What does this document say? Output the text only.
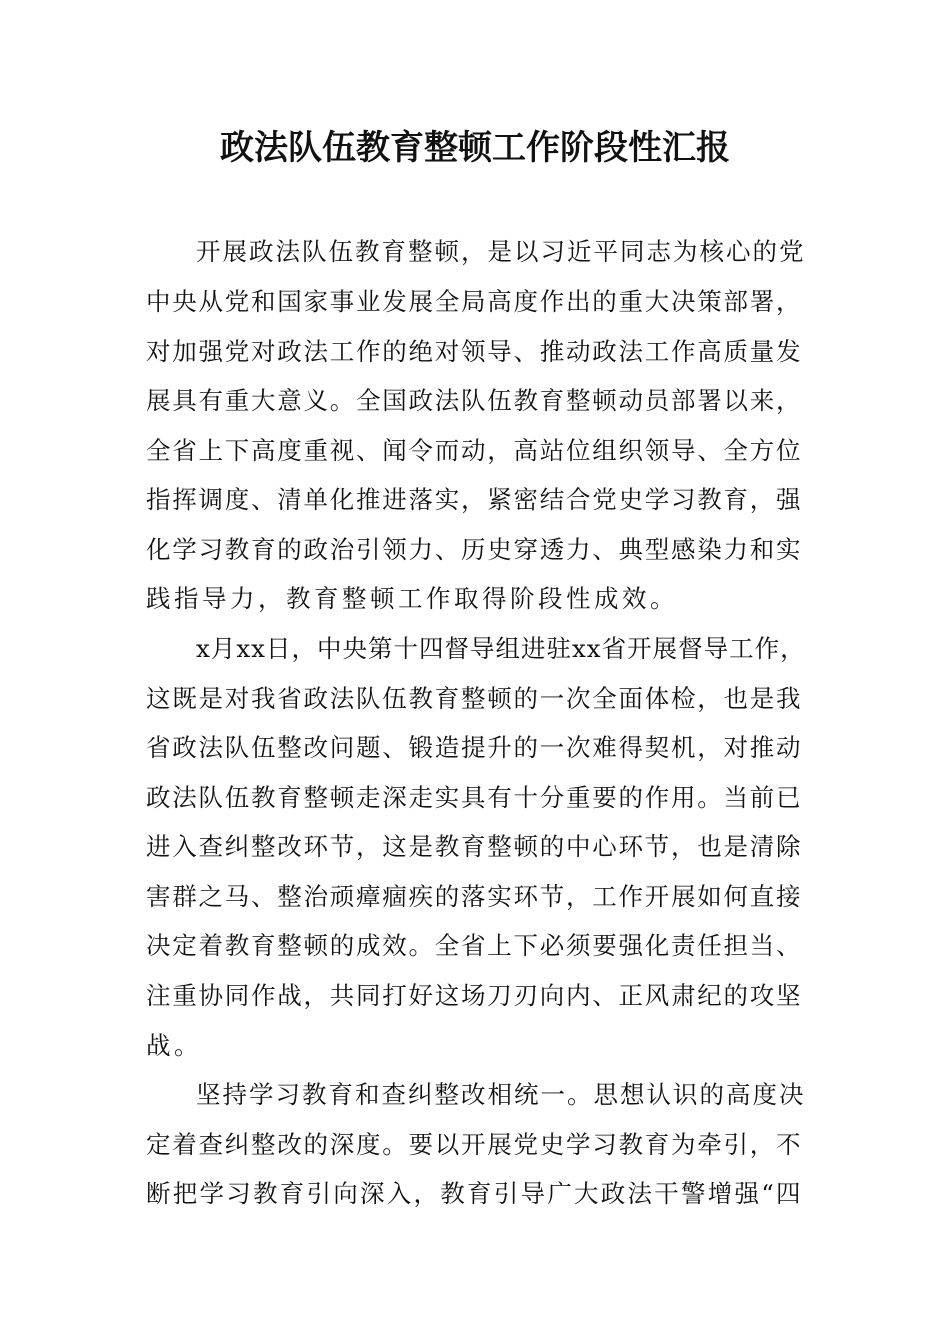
政法队伍教育整顿工作阶段性汇报
开展政法队伍教育整顿，是以习近平同志为核心的党
中央从党和国家事业发展全局高度作出的重大决策部署，
对加强党对政法工作的绝对领导、推动政法工作高质量发
展具有重大意义。全国政法队伍教育整顿动员部署以来，
全省上下高度重视、闻令而动，高站位组织领导、全方位
指挥调度、清单化推进落实，紧密结合党史学习教育，强
化学习教育的政治引领力、历史穿透力、典型感染力和实
践指导力，教育整顿工作取得阶段性成效。
x月xx日，中央第十四督导组进驻xx省开展督导工作，
这既是对我省政法队伍教育整顿的一次全面体检，也是我
省政法队伍整改问题、锻造提升的一次难得契机，对推动
政法队伍教育整顿走深走实具有十分重要的作用。当前已
进入查纠整改环节，这是教育整顿的中心环节，也是清除
害群之马、整治顽瘴痼疾的落实环节，工作开展如何直接
决定着教育整顿的成效。全省上下必须要强化责任担当、
注重协同作战，共同打好这场刀刃向内、正风肃纪的攻坚
战。
坚持学习教育和查纠整改相统一。思想认识的高度决
定着查纠整改的深度。要以开展党史学习教育为牵引，不
断把学习教育引向深入，教育引导广大政法干警增强“四
